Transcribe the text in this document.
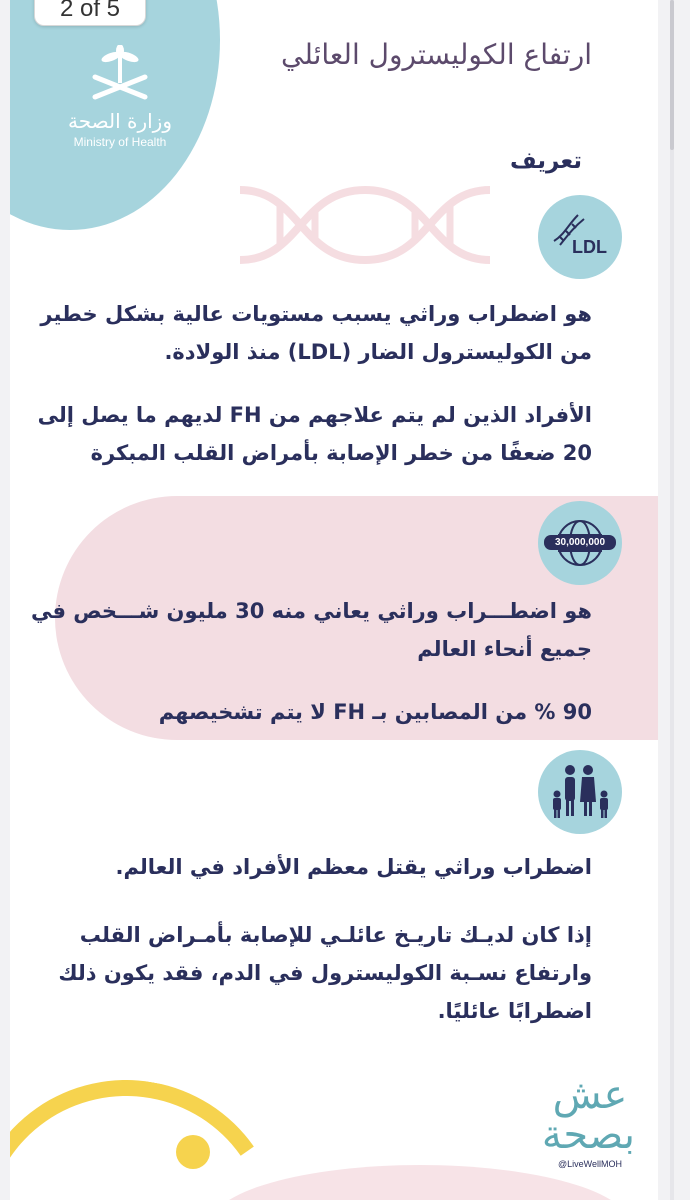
وزارة الصحة
Ministry of Health
ارتفاع الكوليسترول العائلي
تعريف
LDL
هو اضطراب وراثي يسبب مستويات عالية بشكل خطير
من الكوليسترول الضار (LDL) منذ الولادة.
الأفراد الذين لم يتم علاجهم من FH لديهم ما يصل إلى
20 ضعفًا من خطر الإصابة بأمراض القلب المبكرة
30,000,000
هو اضطـــراب وراثي يعاني منه 30 مليون شـــخص في
جميع أنحاء العالم
90 % من المصابين بـ FH لا يتم تشخيصهم
اضطراب وراثي يقتل معظم الأفراد في العالم.
إذا كان لديـك تاريـخ عائلـي للإصابة بأمـراض القلب
وارتفاع نسـبة الكوليسترول في الدم، فقد يكون ذلك
اضطرابًا عائليًا.
عش بصحة
@LiveWellMOH
2 of 5
